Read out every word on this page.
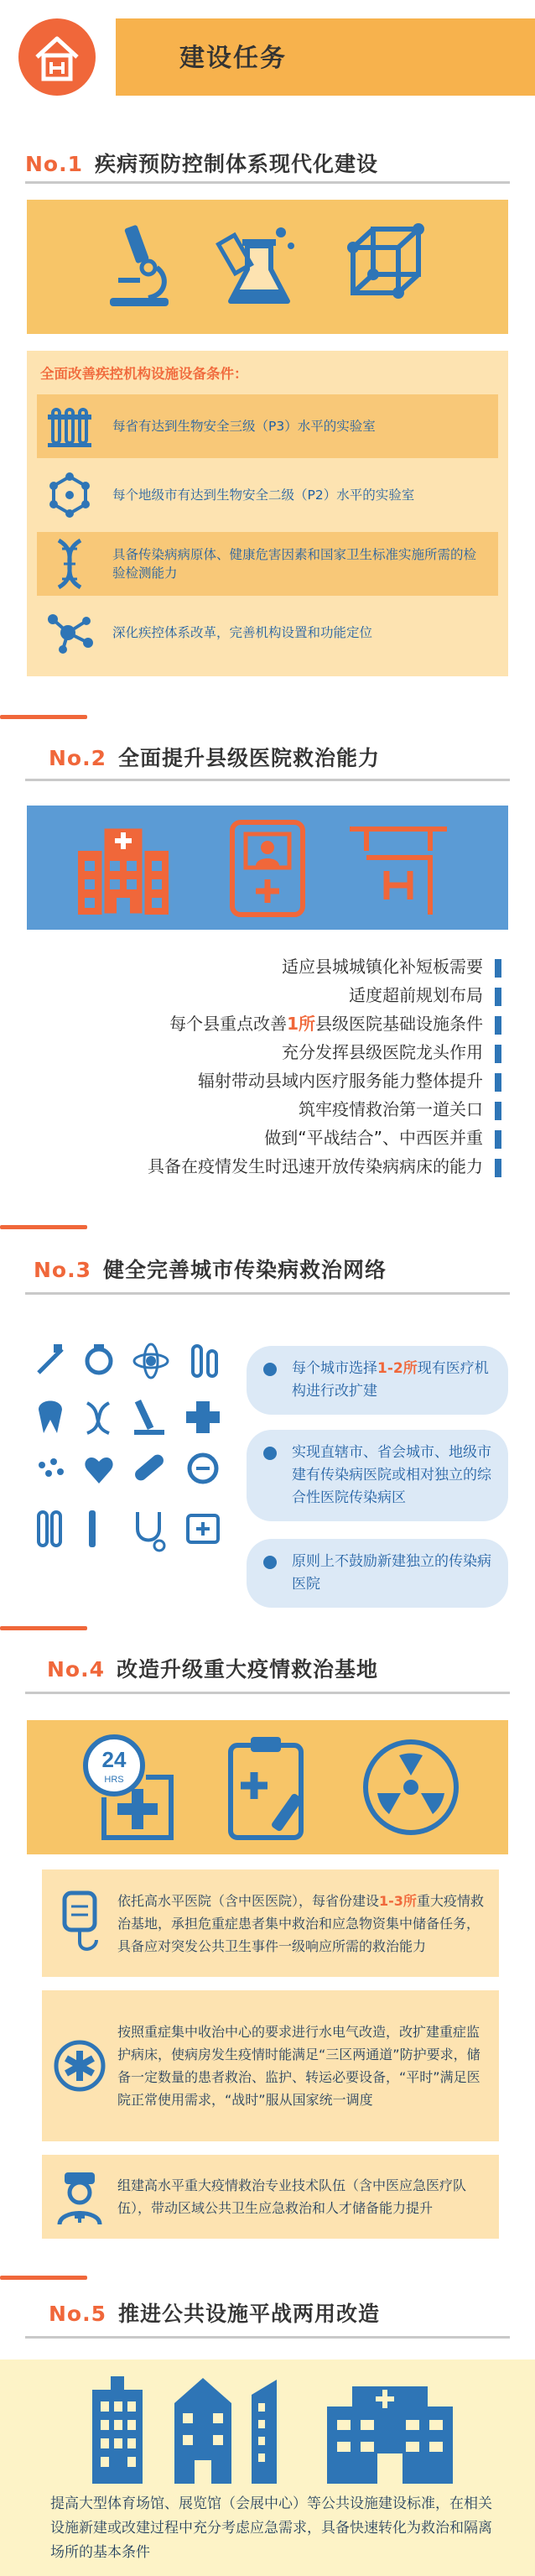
建设任务
No.1 疾病预防控制体系现代化建设
全面改善疾控机构设施设备条件：
每省有达到生物安全三级（P3）水平的实验室
每个地级市有达到生物安全二级（P2）水平的实验室
具备传染病病原体、健康危害因素和国家卫生标准实施所需的检验检测能力
深化疾控体系改革，完善机构设置和功能定位
No.2 全面提升县级医院救治能力
适应县城城镇化补短板需要
适度超前规划布局
每个县重点改善1所县级医院基础设施条件
充分发挥县级医院龙头作用
辐射带动县域内医疗服务能力整体提升
筑牢疫情救治第一道关口
做到“平战结合”、中西医并重
具备在疫情发生时迅速开放传染病病床的能力
No.3 健全完善城市传染病救治网络
每个城市选择1-2所现有医疗机构进行改扩建
实现直辖市、省会城市、地级市建有传染病医院或相对独立的综合性医院传染病区
原则上不鼓励新建独立的传染病医院
No.4 改造升级重大疫情救治基地
24
HRS
依托高水平医院（含中医医院），每省份建设1-3所重大疫情救治基地，承担危重症患者集中救治和应急物资集中储备任务，具备应对突发公共卫生事件一级响应所需的救治能力
按照重症集中收治中心的要求进行水电气改造，改扩建重症监护病床，使病房发生疫情时能满足“三区两通道”防护要求，储备一定数量的患者救治、监护、转运必要设备，“平时”满足医院正常使用需求，“战时”服从国家统一调度
组建高水平重大疫情救治专业技术队伍（含中医应急医疗队伍），带动区域公共卫生应急救治和人才储备能力提升
No.5 推进公共设施平战两用改造
提高大型体育场馆、展览馆（会展中心）等公共设施建设标准，在相关设施新建或改建过程中充分考虑应急需求，具备快速转化为救治和隔离场所的基本条件
